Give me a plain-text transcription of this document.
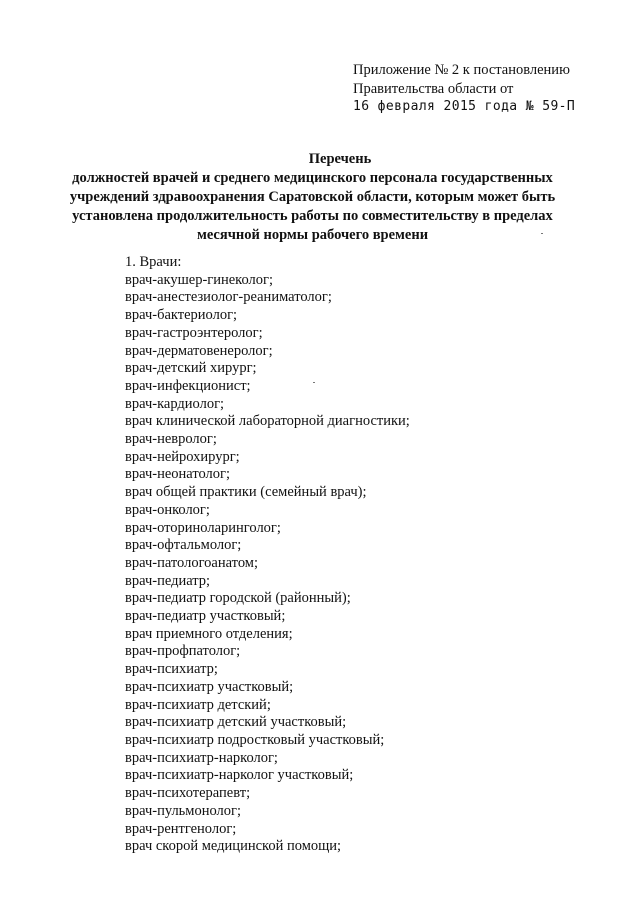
Приложение № 2 к постановлению
Правительства области от
16 февраля 2015 года № 59-П
Перечень
должностей врачей и среднего медицинского персонала государственных учреждений здравоохранения Саратовской области, которым может быть установлена продолжительность работы по совместительству в пределах месячной нормы рабочего времени
1. Врачи:
врач-акушер-гинеколог;
врач-анестезиолог-реаниматолог;
врач-бактериолог;
врач-гастроэнтеролог;
врач-дерматовенеролог;
врач-детский хирург;
врач-инфекционист;
врач-кардиолог;
врач клинической лабораторной диагностики;
врач-невролог;
врач-нейрохирург;
врач-неонатолог;
врач общей практики (семейный врач);
врач-онколог;
врач-оториноларинголог;
врач-офтальмолог;
врач-патологоанатом;
врач-педиатр;
врач-педиатр городской (районный);
врач-педиатр участковый;
врач приемного отделения;
врач-профпатолог;
врач-психиатр;
врач-психиатр участковый;
врач-психиатр детский;
врач-психиатр детский участковый;
врач-психиатр подростковый участковый;
врач-психиатр-нарколог;
врач-психиатр-нарколог участковый;
врач-психотерапевт;
врач-пульмонолог;
врач-рентгенолог;
врач скорой медицинской помощи;
